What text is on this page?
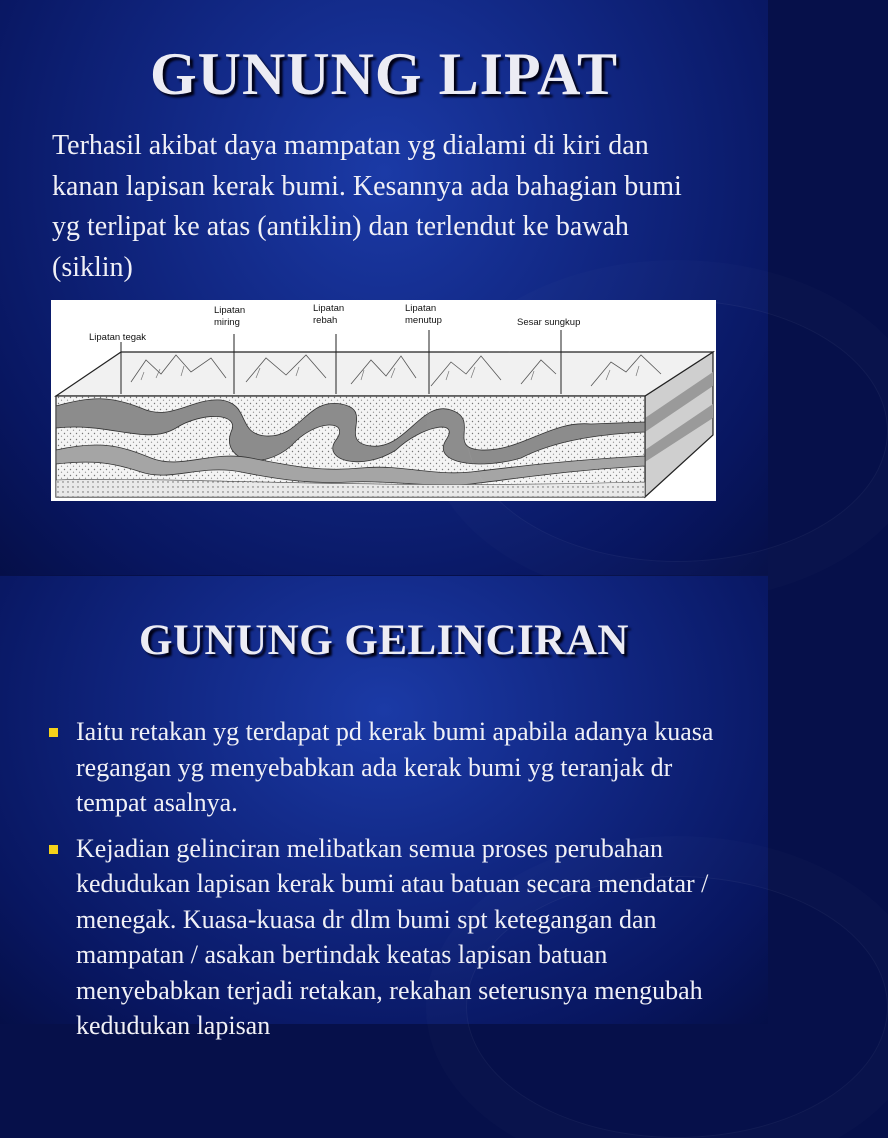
GUNUNG LIPAT
Terhasil akibat daya mampatan yg dialami di kiri dan kanan lapisan kerak bumi. Kesannya ada bahagian bumi yg terlipat ke atas (antiklin) dan terlendut ke bawah (siklin)
Lipatan tegak
Lipatan
miring
Lipatan
rebah
Lipatan
menutup	Sesar sungkup
GUNUNG GELINCIRAN
Iaitu retakan yg terdapat pd kerak bumi apabila adanya kuasa regangan yg menyebabkan ada kerak bumi yg teranjak dr tempat asalnya.
Kejadian gelinciran melibatkan semua proses perubahan kedudukan lapisan kerak bumi atau batuan secara mendatar / menegak. Kuasa-kuasa dr dlm bumi spt ketegangan dan mampatan / asakan bertindak keatas lapisan batuan menyebabkan terjadi retakan, rekahan seterusnya mengubah kedudukan lapisan
